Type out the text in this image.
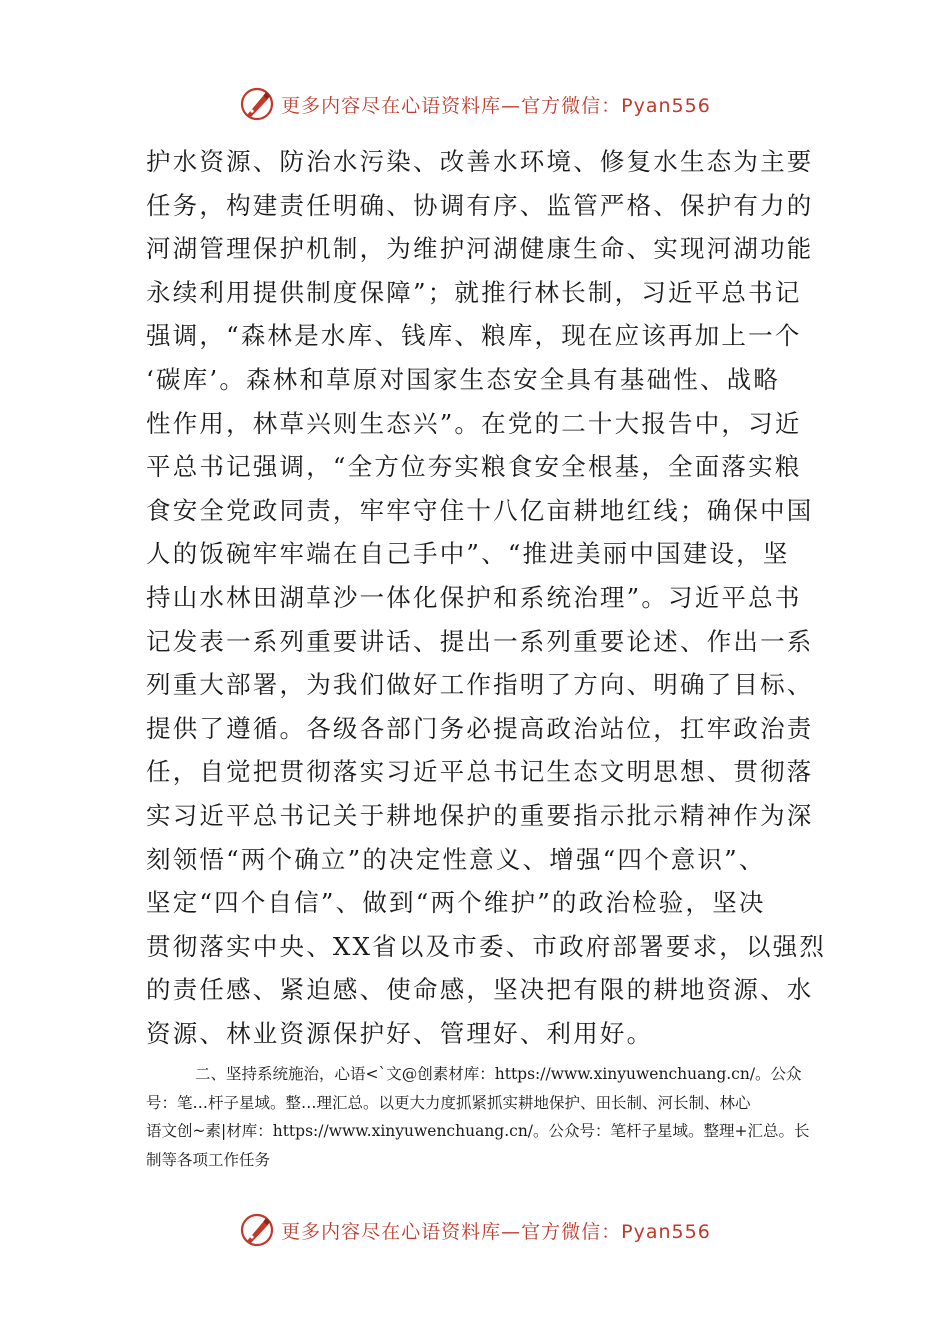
更多内容尽在心语资料库—官方微信：Pyan556
护水资源、防治水污染、改善水环境、修复水生态为主要
任务，构建责任明确、协调有序、监管严格、保护有力的
河湖管理保护机制，为维护河湖健康生命、实现河湖功能
永续利用提供制度保障”；就推行林长制，习近平总书记
强调，“森林是水库、钱库、粮库，现在应该再加上一个
‘碳库’。森林和草原对国家生态安全具有基础性、战略
性作用，林草兴则生态兴”。在党的二十大报告中，习近
平总书记强调，“全方位夯实粮食安全根基，全面落实粮
食安全党政同责，牢牢守住十八亿亩耕地红线；确保中国
人的饭碗牢牢端在自己手中”、“推进美丽中国建设，坚
持山水林田湖草沙一体化保护和系统治理”。习近平总书
记发表一系列重要讲话、提出一系列重要论述、作出一系
列重大部署，为我们做好工作指明了方向、明确了目标、
提供了遵循。各级各部门务必提高政治站位，扛牢政治责
任，自觉把贯彻落实习近平总书记生态文明思想、贯彻落
实习近平总书记关于耕地保护的重要指示批示精神作为深
刻领悟“两个确立”的决定性意义、增强“四个意识”、
坚定“四个自信”、做到“两个维护”的政治检验，坚决
贯彻落实中央、XX省以及市委、市政府部署要求，以强烈
的责任感、紧迫感、使命感，坚决把有限的耕地资源、水
资源、林业资源保护好、管理好、利用好。
二、坚持系统施治，心语<`文@创素材库：https://www.xinyuwenchuang.cn/。公众
号：笔…杆子星域。整…理汇总。以更大力度抓紧抓实耕地保护、田长制、河长制、林心
语文创~素|材库：https://www.xinyuwenchuang.cn/。公众号：笔杆子星域。整理+汇总。长
制等各项工作任务
更多内容尽在心语资料库—官方微信：Pyan556
